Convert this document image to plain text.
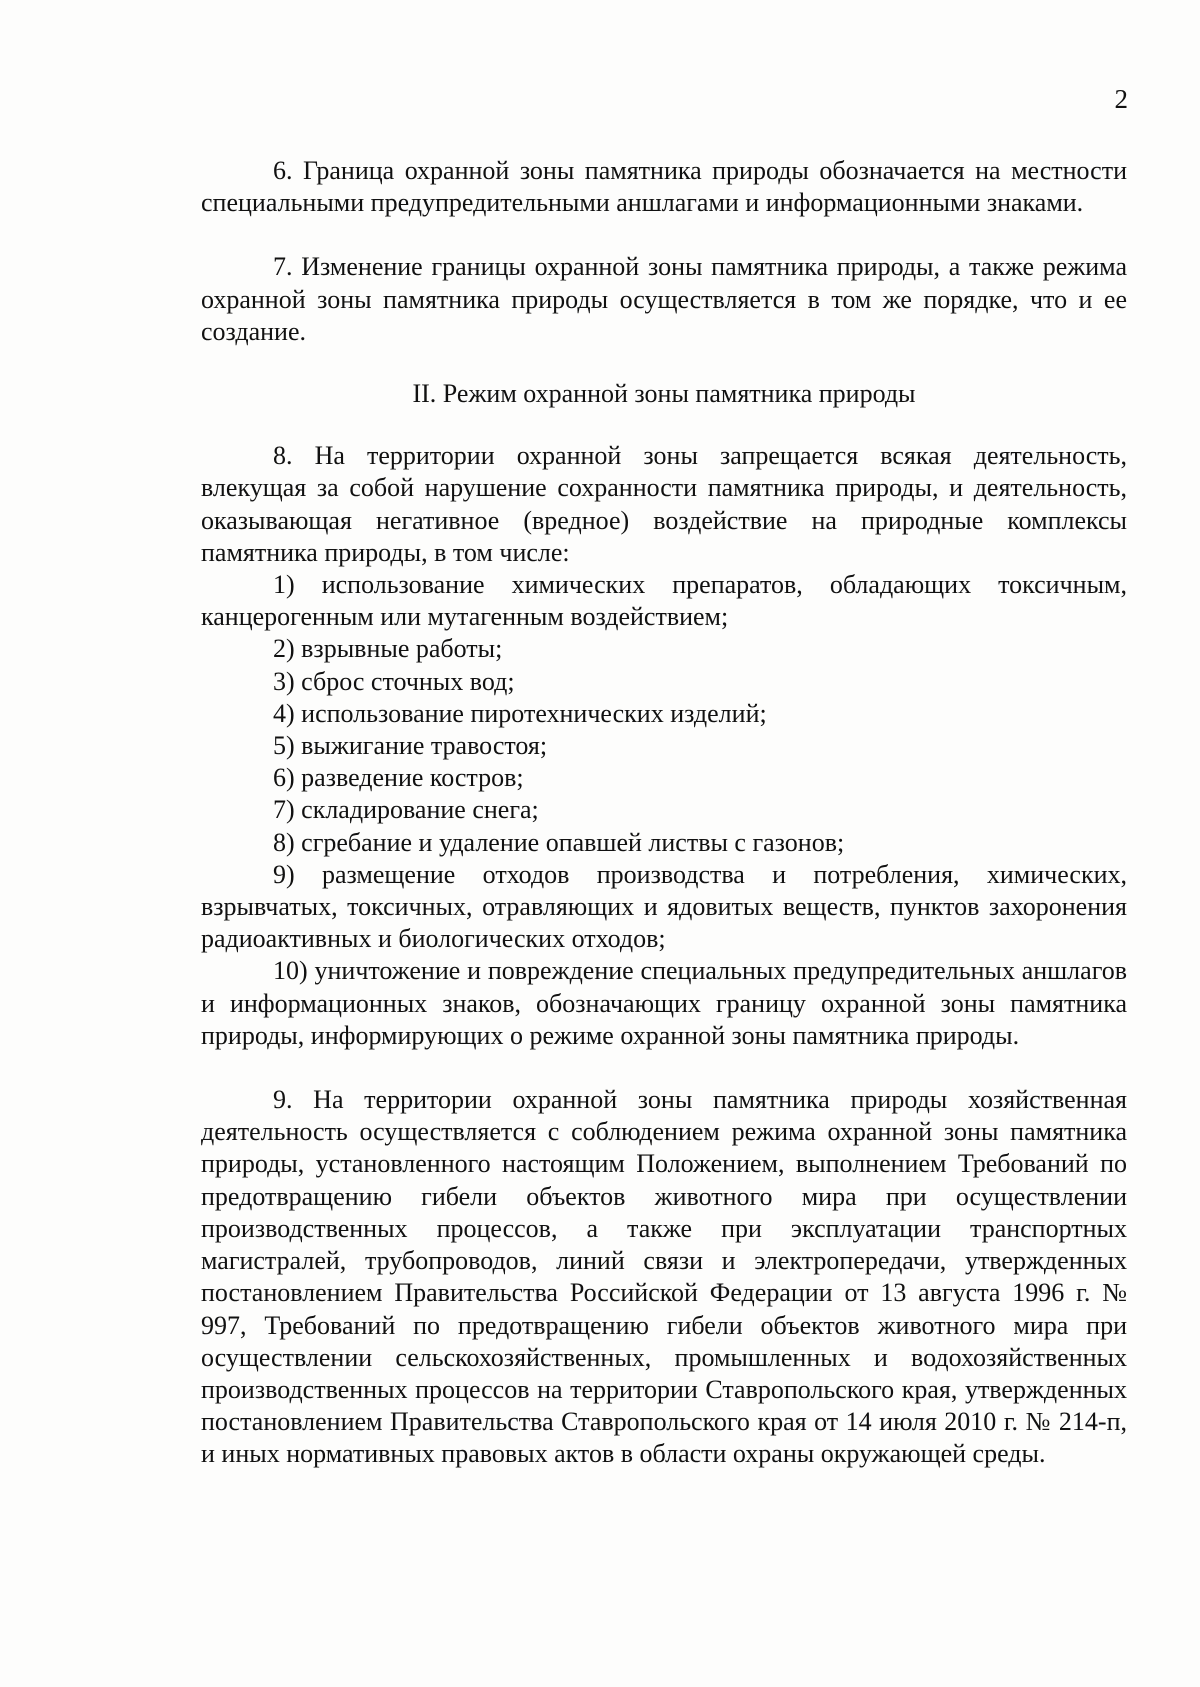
2

6. Граница охранной зоны памятника природы обозначается на местности специальными предупредительными аншлагами и информационными знаками.

7. Изменение границы охранной зоны памятника природы, а также режима охранной зоны памятника природы осуществляется в том же порядке, что и ее создание.

II. Режим охранной зоны памятника природы

8. На территории охранной зоны запрещается всякая деятельность, влекущая за собой нарушение сохранности памятника природы, и деятельность, оказывающая негативное (вредное) воздействие на природные комплексы памятника природы, в том числе:

1) использование химических препаратов, обладающих токсичным, канцерогенным или мутагенным воздействием;

2) взрывные работы;

3) сброс сточных вод;

4) использование пиротехнических изделий;

5) выжигание травостоя;

6) разведение костров;

7) складирование снега;

8) сгребание и удаление опавшей листвы с газонов;

9) размещение отходов производства и потребления, химических, взрывчатых, токсичных, отравляющих и ядовитых веществ, пунктов захоронения радиоактивных и биологических отходов;

10) уничтожение и повреждение специальных предупредительных аншлагов и информационных знаков, обозначающих границу охранной зоны памятника природы, информирующих о режиме охранной зоны памятника природы.

9. На территории охранной зоны памятника природы хозяйственная деятельность осуществляется с соблюдением режима охранной зоны памятника природы, установленного настоящим Положением, выполнением Требований по предотвращению гибели объектов животного мира при осуществлении производственных процессов, а также при эксплуатации транспортных магистралей, трубопроводов, линий связи и электропередачи, утвержденных постановлением Правительства Российской Федерации от 13 августа 1996 г. № 997, Требований по предотвращению гибели объектов животного мира при осуществлении сельскохозяйственных, промышленных и водохозяйственных производственных процессов на территории Ставропольского края, утвержденных постановлением Правительства Ставропольского края от 14 июля 2010 г. № 214-п, и иных нормативных правовых актов в области охраны окружающей среды.
